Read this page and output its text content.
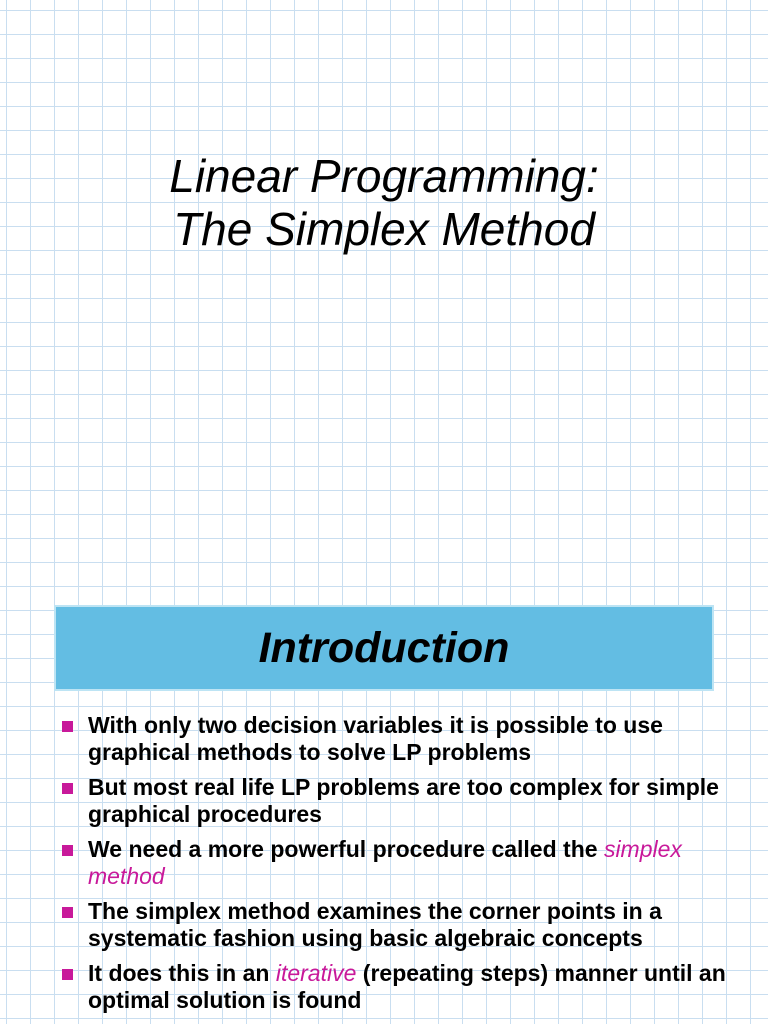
Linear Programming:
The Simplex Method
Introduction
With only two decision variables it is possible to use graphical methods to solve LP problems
But most real life LP problems are too complex for simple graphical procedures
We need a more powerful procedure called the simplex method
The simplex method examines the corner points in a systematic fashion using basic algebraic concepts
It does this in an iterative (repeating steps) manner until an optimal solution is found
